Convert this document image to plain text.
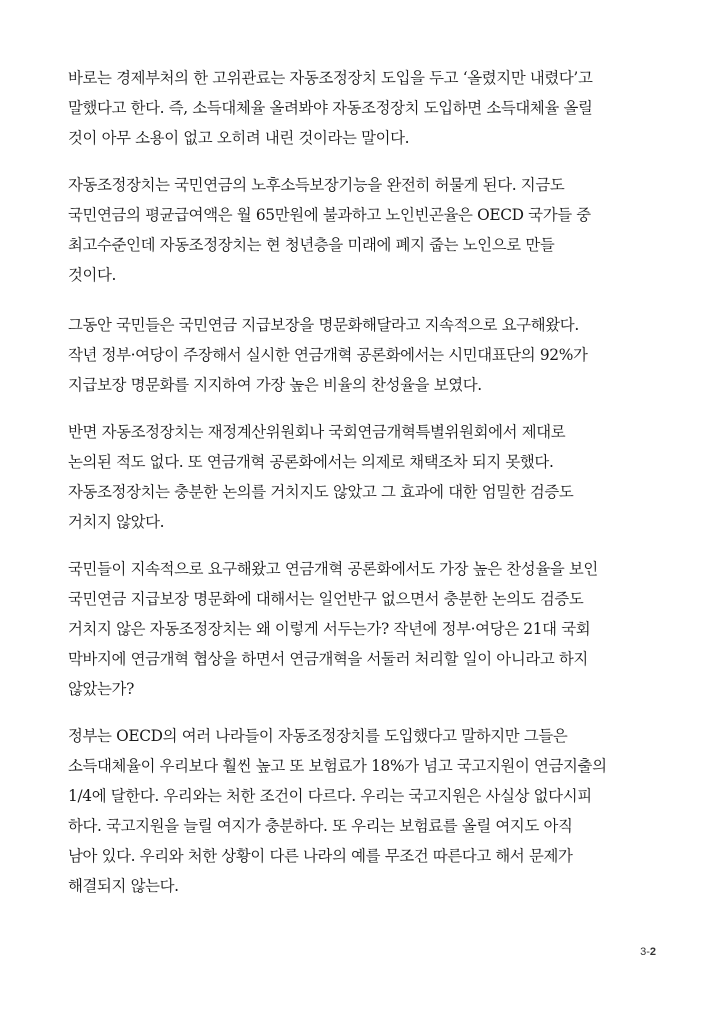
바로는 경제부처의 한 고위관료는 자동조정장치 도입을 두고 ‘올렸지만 내렸다’고
말했다고 한다. 즉, 소득대체율 올려봐야 자동조정장치 도입하면 소득대체율 올릴
것이 아무 소용이 없고 오히려 내린 것이라는 말이다.
자동조정장치는 국민연금의 노후소득보장기능을 완전히 허물게 된다. 지금도
국민연금의 평균급여액은 월 65만원에 불과하고 노인빈곤율은 OECD 국가들 중
최고수준인데 자동조정장치는 현 청년층을 미래에 폐지 줍는 노인으로 만들
것이다.
그동안 국민들은 국민연금 지급보장을 명문화해달라고 지속적으로 요구해왔다.
작년 정부·여당이 주장해서 실시한 연금개혁 공론화에서는 시민대표단의 92%가
지급보장 명문화를 지지하여 가장 높은 비율의 찬성율을 보였다.
반면 자동조정장치는 재정계산위원회나 국회연금개혁특별위원회에서 제대로
논의된 적도 없다. 또 연금개혁 공론화에서는 의제로 채택조차 되지 못했다.
자동조정장치는 충분한 논의를 거치지도 않았고 그 효과에 대한 엄밀한 검증도
거치지 않았다.
국민들이 지속적으로 요구해왔고 연금개혁 공론화에서도 가장 높은 찬성율을 보인
국민연금 지급보장 명문화에 대해서는 일언반구 없으면서 충분한 논의도 검증도
거치지 않은 자동조정장치는 왜 이렇게 서두는가? 작년에 정부·여당은 21대 국회
막바지에 연금개혁 협상을 하면서 연금개혁을 서둘러 처리할 일이 아니라고 하지
않았는가?
정부는 OECD의 여러 나라들이 자동조정장치를 도입했다고 말하지만 그들은
소득대체율이 우리보다 훨씬 높고 또 보험료가 18%가 넘고 국고지원이 연금지출의
1/4에 달한다. 우리와는 처한 조건이 다르다. 우리는 국고지원은 사실상 없다시피
하다. 국고지원을 늘릴 여지가 충분하다. 또 우리는 보험료를 올릴 여지도 아직
남아 있다. 우리와 처한 상황이 다른 나라의 예를 무조건 따른다고 해서 문제가
해결되지 않는다.
3-2
